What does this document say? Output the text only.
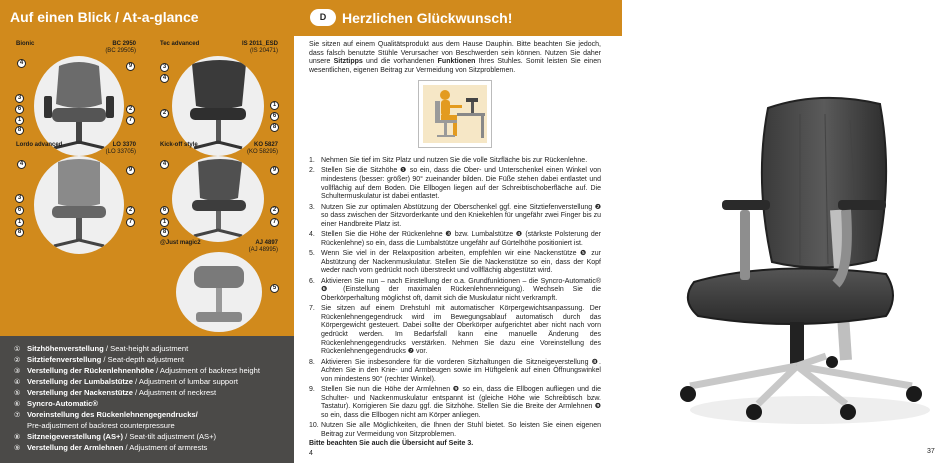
Auf einen Blick / At-a-glance
Bionic	BC 2950
(BC 29505)
Tec advanced	IS 2011_ESD
(IS 20471)
Lordo advanced	LO 3370
(LO 33705)
Kick-off style	KO 5827
(KO 58295)
@Just magic2	AJ 4897
(AJ 48995)
4	9
3
6	2
1	7
8
3
4
1
2	6
8
4
9
3
6	2
1	7
8
4
9
6	2
1	7
8
5
① Sitzhöhenverstellung / Seat-height adjustment
② Sitztiefenverstellung / Seat-depth adjustment
③ Verstellung der Rückenlehnenhöhe / Adjustment of backrest height
④ Verstellung der Lumbalstütze / Adjustment of lumbar support
⑤ Verstellung der Nackenstütze / Adjustment of neckrest
⑥ Syncro-Automatic®
⑦ Voreinstellung des Rückenlehnengegendrucks/
Pre-adjustment of backrest counterpressure
⑧ Sitzneigeverstellung (AS+) / Seat-tilt adjustment (AS+)
⑨ Verstellung der Armlehnen / Adjustment of armrests
D	Herzlichen Glückwunsch!
Sie sitzen auf einem Qualitätsprodukt aus dem Hause Dauphin. Bitte beachten Sie jedoch, dass falsch benutzte Stühle Verursacher von Beschwerden sein können. Nutzen Sie daher unsere Sitztipps und die vorhandenen Funktionen Ihres Stuhles. Somit leisten Sie einen wesentlichen, eigenen Beitrag zur Vermeidung von Sitzproblemen.
1. Nehmen Sie tief im Sitz Platz und nutzen Sie die volle Sitzfläche bis zur Rückenlehne.
2. Stellen Sie die Sitzhöhe ❶ so ein, dass die Ober- und Unterschenkel einen Winkel von mindestens (besser: größer) 90° zueinander bilden. Die Füße stehen dabei entlastet und vollflächig auf dem Boden. Die Ellbogen liegen auf der Schreibtischoberfläche auf. Die Schultermuskulatur ist dabei entlastet.
3. Nutzen Sie zur optimalen Abstützung der Oberschenkel ggf. eine Sitztiefenverstellung ❷ so dass zwischen der Sitzvorderkante und den Kniekehlen für ungefähr zwei Finger bis zu einer Handbreite Platz ist.
4. Stellen Sie die Höhe der Rückenlehne ❸ bzw. Lumbalstütze ❹ (stärkste Polsterung der Rückenlehne) so ein, dass die Lumbalstütze ungefähr auf Gürtelhöhe positioniert ist.
5. Wenn Sie viel in der Relaxposition arbeiten, empfehlen wir eine Nackenstütze ❺ zur Abstützung der Nackenmuskulatur. Stellen Sie die Nackenstütze so ein, dass der Kopf weder nach vorn gedrückt noch überstreckt und vollflächig abgestützt wird.
6. Aktivieren Sie nun – nach Einstellung der o.a. Grundfunktionen – die Syncro-Automatic® ❻ (Einstellung der maximalen Rückenlehnenneigung). Wechseln Sie die Oberkörperhaltung möglichst oft, damit sich die Muskulatur nicht verkrampft.
7. Sie sitzen auf einem Drehstuhl mit automatischer Körpergewichtsanpassung. Der Rückenlehnengegendruck wird im Bewegungsablauf automatisch durch das Körpergewicht gesteuert. Dabei sollte der Oberkörper aufgerichtet aber nicht nach vorn gedrückt werden. Im Bedarfsfall kann eine manuelle Änderung des Rückenlehnengegendrucks verstärken. Nehmen Sie dazu eine Voreinstellung des Rückenlehnengegendrucks ❼ vor.
8. Aktivieren Sie insbesondere für die vorderen Sitzhaltungen die Sitzneigeverstellung ❽. Achten Sie in den Knie- und Armbeugen sowie im Hüftgelenk auf einen Öffnungswinkel von mindestens 90° (rechter Winkel).
9. Stellen Sie nun die Höhe der Armlehnen ❾ so ein, dass die Ellbogen aufliegen und die Schulter- und Nackenmuskulatur entspannt ist (gleiche Höhe wie Schreibtisch bzw. Tastatur). Korrigieren Sie dazu ggf. die Sitzhöhe. Stellen Sie die Breite der Armlehnen ❾ so ein, dass die Ellbogen nicht am Körper anliegen.
10. Nutzen Sie alle Möglichkeiten, die Ihnen der Stuhl bietet. So leisten Sie einen eigenen Beitrag zur Vermeidung von Sitzproblemen.
Bitte beachten Sie auch die Übersicht auf Seite 3.
4	37
